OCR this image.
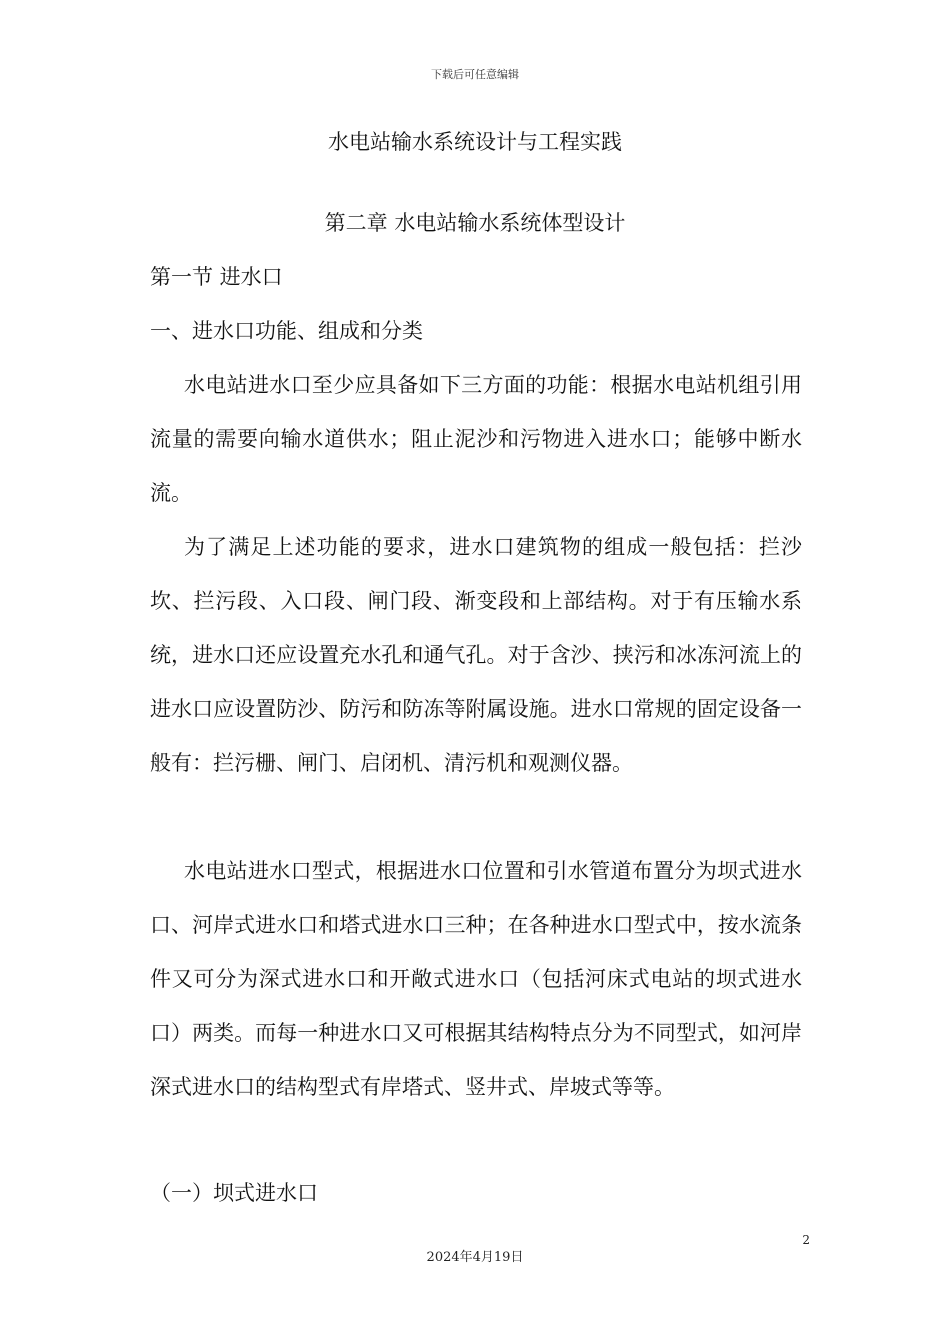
下载后可任意编辑
水电站输水系统设计与工程实践
第二章 水电站输水系统体型设计
第一节 进水口
一、进水口功能、组成和分类

水电站进水口至少应具备如下三方面的功能：根据水电站机组引用流量的需要向输水道供水；阻止泥沙和污物进入进水口；能够中断水流。

为了满足上述功能的要求，进水口建筑物的组成一般包括：拦沙坎、拦污段、入口段、闸门段、渐变段和上部结构。对于有压输水系统，进水口还应设置充水孔和通气孔。对于含沙、挟污和冰冻河流上的进水口应设置防沙、防污和防冻等附属设施。进水口常规的固定设备一般有：拦污栅、闸门、启闭机、清污机和观测仪器。

水电站进水口型式，根据进水口位置和引水管道布置分为坝式进水口、河岸式进水口和塔式进水口三种；在各种进水口型式中，按水流条件又可分为深式进水口和开敞式进水口（包括河床式电站的坝式进水口）两类。而每一种进水口又可根据其结构特点分为不同型式，如河岸深式进水口的结构型式有岸塔式、竖井式、岸坡式等等。

（一）坝式进水口
2
2024年4月19日
